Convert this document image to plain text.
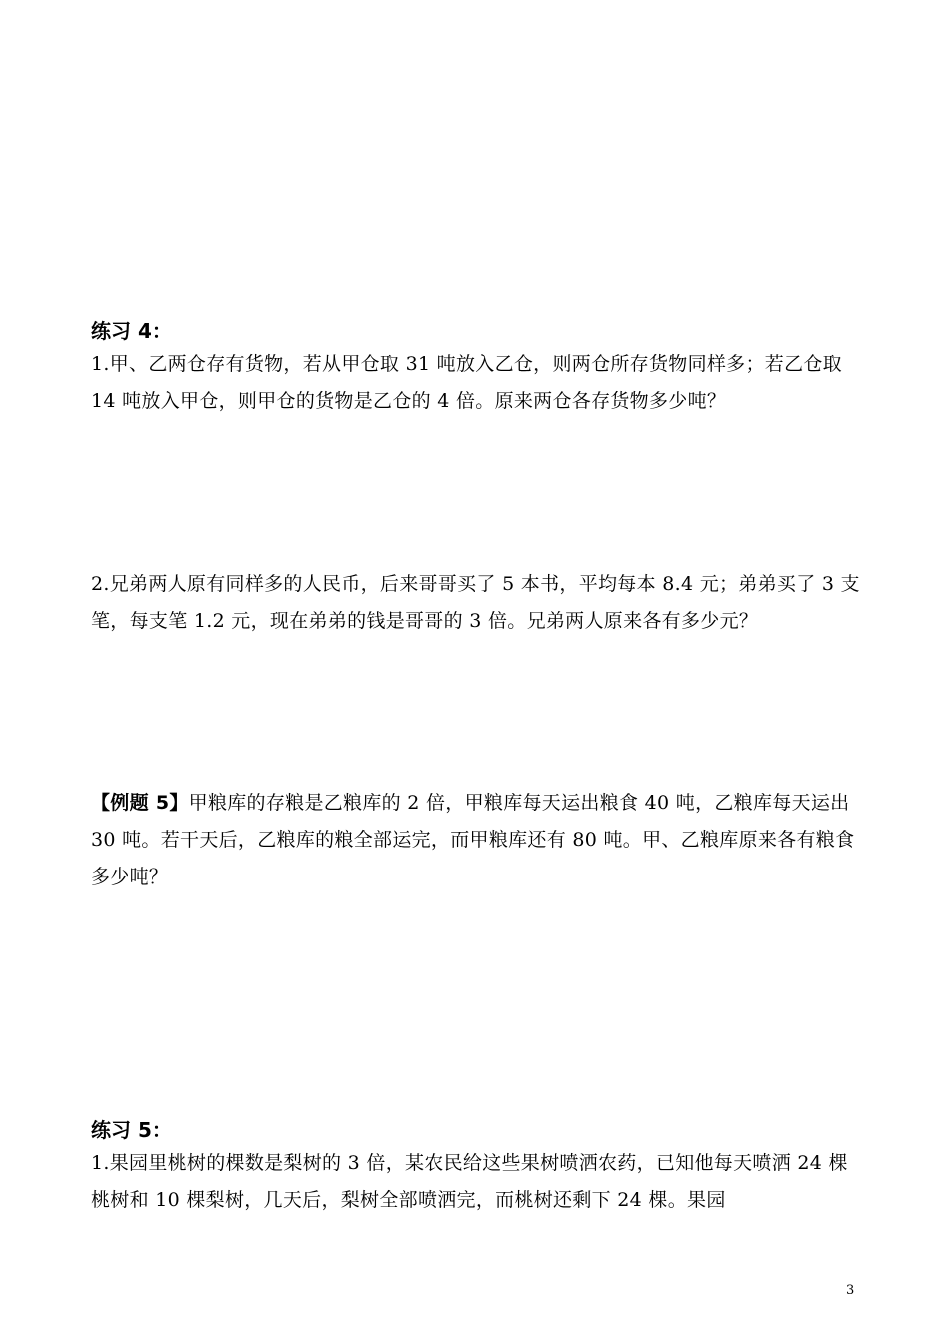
练习 4：

1.甲、乙两仓存有货物，若从甲仓取 31 吨放入乙仓，则两仓所存货物同样多；若乙仓取 14 吨放入甲仓，则甲仓的货物是乙仓的 4 倍。原来两仓各存货物多少吨？

2.兄弟两人原有同样多的人民币，后来哥哥买了 5 本书，平均每本 8.4 元；弟弟买了 3 支笔，每支笔 1.2 元，现在弟弟的钱是哥哥的 3 倍。兄弟两人原来各有多少元？

【例题 5】甲粮库的存粮是乙粮库的 2 倍，甲粮库每天运出粮食 40 吨，乙粮库每天运出 30 吨。若干天后，乙粮库的粮全部运完，而甲粮库还有 80 吨。甲、乙粮库原来各有粮食多少吨？

练习 5：

1.果园里桃树的棵数是梨树的 3 倍，某农民给这些果树喷洒农药，已知他每天喷洒 24 棵桃树和 10 棵梨树，几天后，梨树全部喷洒完，而桃树还剩下 24 棵。果园

3
